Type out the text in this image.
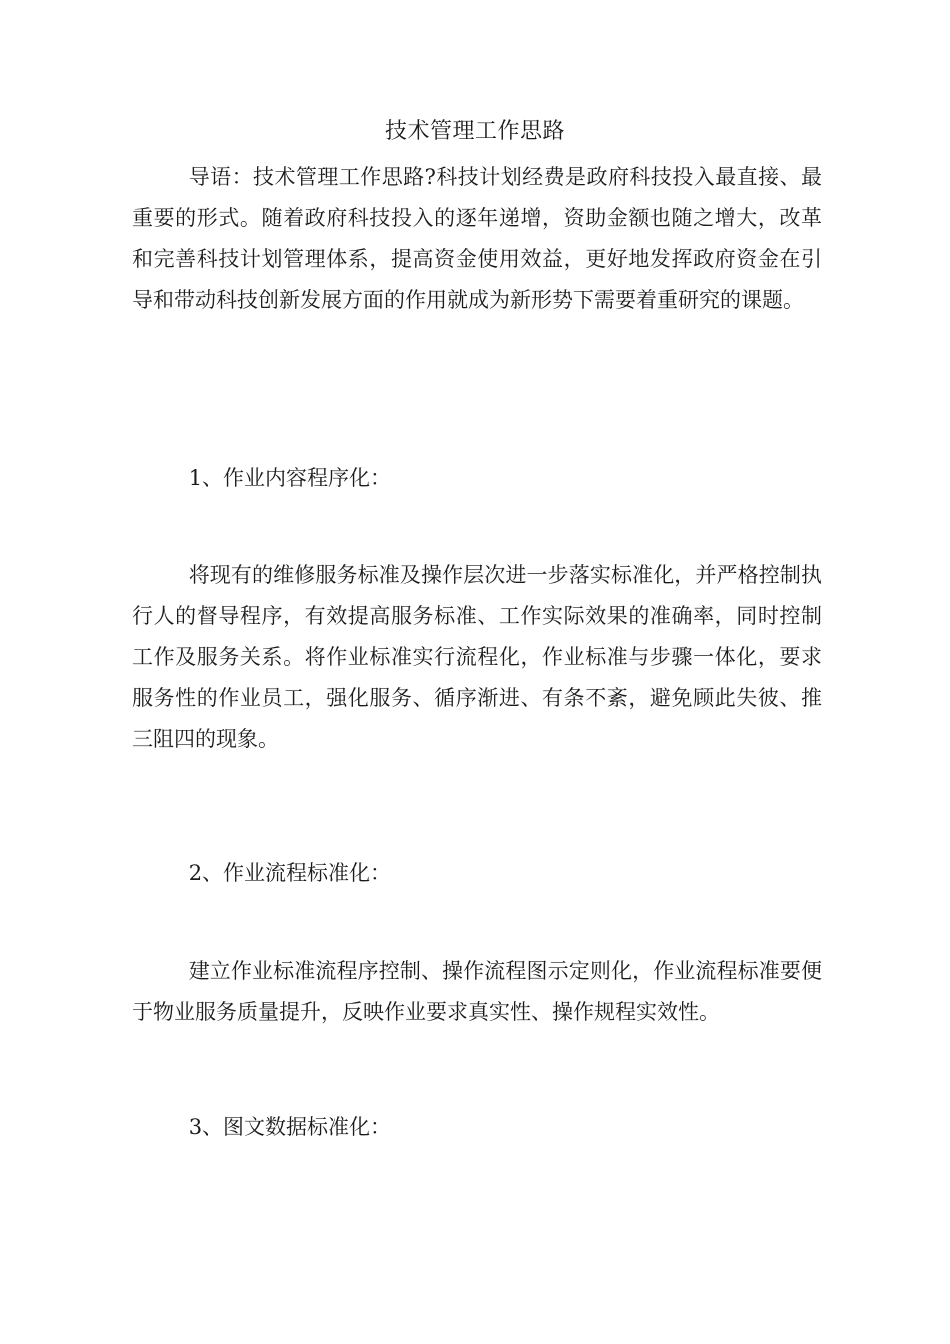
技术管理工作思路
导语：技术管理工作思路?科技计划经费是政府科技投入最直接、最重要的形式。随着政府科技投入的逐年递增，资助金额也随之增大，改革和完善科技计划管理体系，提高资金使用效益，更好地发挥政府资金在引导和带动科技创新发展方面的作用就成为新形势下需要着重研究的课题。
1、作业内容程序化：
将现有的维修服务标准及操作层次进一步落实标准化，并严格控制执行人的督导程序，有效提高服务标准、工作实际效果的准确率，同时控制工作及服务关系。将作业标准实行流程化，作业标准与步骤一体化，要求服务性的作业员工，强化服务、循序渐进、有条不紊，避免顾此失彼、推三阻四的现象。
2、作业流程标准化：
建立作业标准流程序控制、操作流程图示定则化，作业流程标准要便于物业服务质量提升，反映作业要求真实性、操作规程实效性。
3、图文数据标准化：
